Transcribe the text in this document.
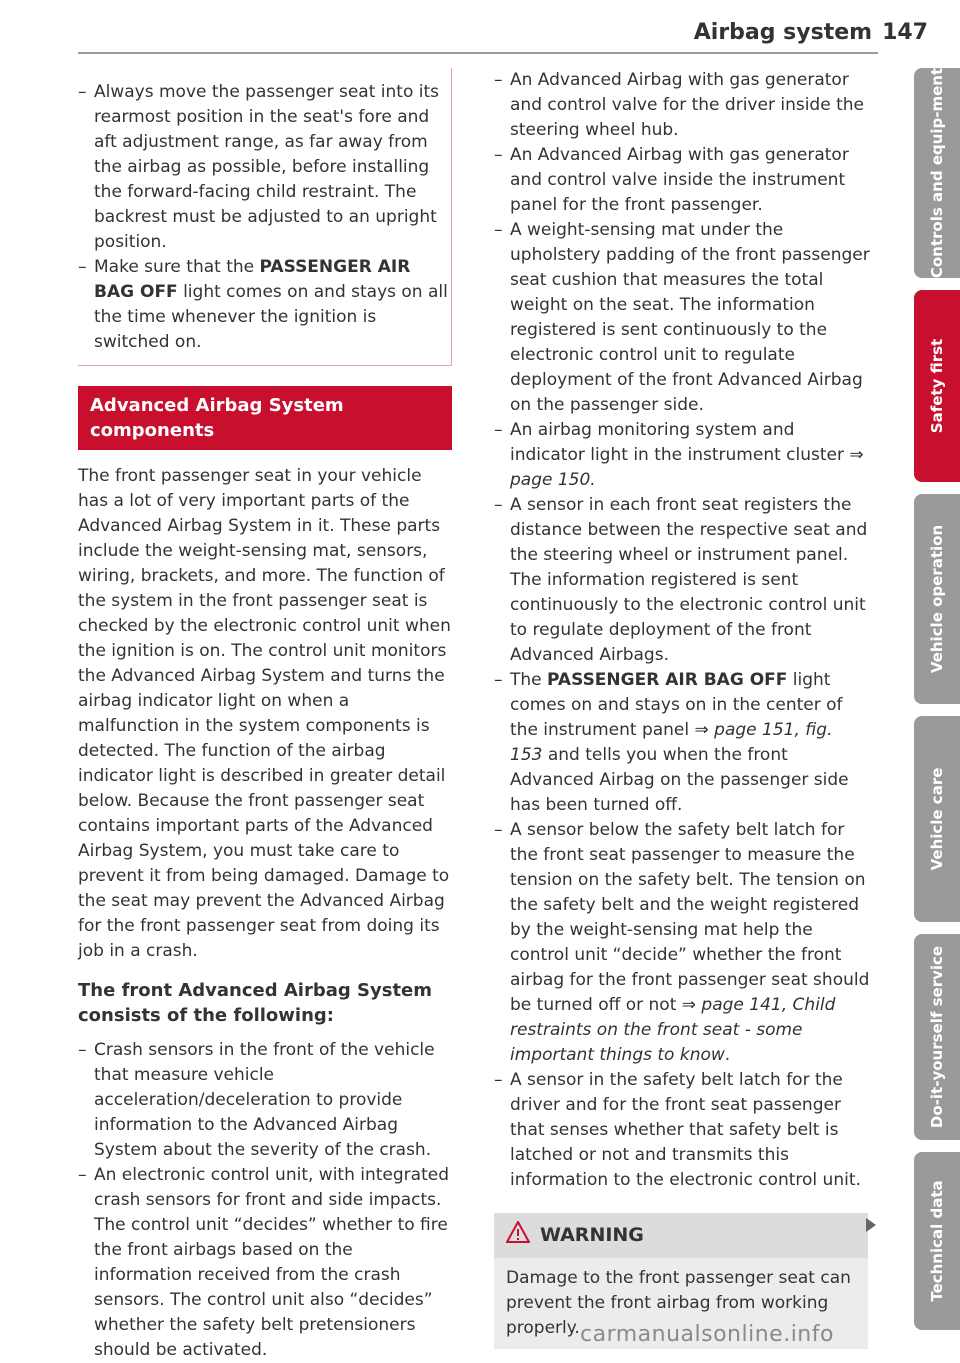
Airbag system 147
– Always move the passenger seat into its rearmost position in the seat's fore and aft adjustment range, as far away from the airbag as possible, before installing the forward-facing child restraint. The backrest must be adjusted to an upright position.
– Make sure that the PASSENGER AIR BAG OFF light comes on and stays on all the time whenever the ignition is switched on.
Advanced Airbag System components

The front passenger seat in your vehicle has a lot of very important parts of the Advanced Airbag System in it. These parts include the weight-sensing mat, sensors, wiring, brackets, and more. The function of the system in the front passenger seat is checked by the electronic control unit when the ignition is on. The control unit monitors the Advanced Airbag System and turns the airbag indicator light on when a malfunction in the system components is detected. The function of the airbag indicator light is described in greater detail below. Because the front passenger seat contains important parts of the Advanced Airbag System, you must take care to prevent it from being damaged. Damage to the seat may prevent the Advanced Airbag for the front passenger seat from doing its job in a crash.

The front Advanced Airbag System consists of the following:
– Crash sensors in the front of the vehicle that measure vehicle acceleration/deceleration to provide information to the Advanced Airbag System about the severity of the crash.
– An electronic control unit, with integrated crash sensors for front and side impacts. The control unit “decides” whether to fire the front airbags based on the information received from the crash sensors. The control unit also “decides” whether the safety belt pretensioners should be activated.
– An Advanced Airbag with gas generator and control valve for the driver inside the steering wheel hub.
– An Advanced Airbag with gas generator and control valve inside the instrument panel for the front passenger.
– A weight-sensing mat under the upholstery padding of the front passenger seat cushion that measures the total weight on the seat. The information registered is sent continuously to the electronic control unit to regulate deployment of the front Advanced Airbag on the passenger side.
– An airbag monitoring system and indicator light in the instrument cluster ⇒ page 150.
– A sensor in each front seat registers the distance between the respective seat and the steering wheel or instrument panel. The information registered is sent continuously to the electronic control unit to regulate deployment of the front Advanced Airbags.
– The PASSENGER AIR BAG OFF light comes on and stays on in the center of the instrument panel ⇒ page 151, fig. 153 and tells you when the front Advanced Airbag on the passenger side has been turned off.
– A sensor below the safety belt latch for the front seat passenger to measure the tension on the safety belt. The tension on the safety belt and the weight registered by the weight-sensing mat help the control unit “decide” whether the front airbag for the front passenger seat should be turned off or not ⇒ page 141, Child restraints on the front seat - some important things to know.
– A sensor in the safety belt latch for the driver and for the front seat passenger that senses whether that safety belt is latched or not and transmits this information to the electronic control unit.
WARNING
Damage to the front passenger seat can prevent the front airbag from working properly.
Controls and equip-ment
Safety first
Vehicle operation
Vehicle care
Do-it-yourself service
Technical data
carmanualsonline.info
